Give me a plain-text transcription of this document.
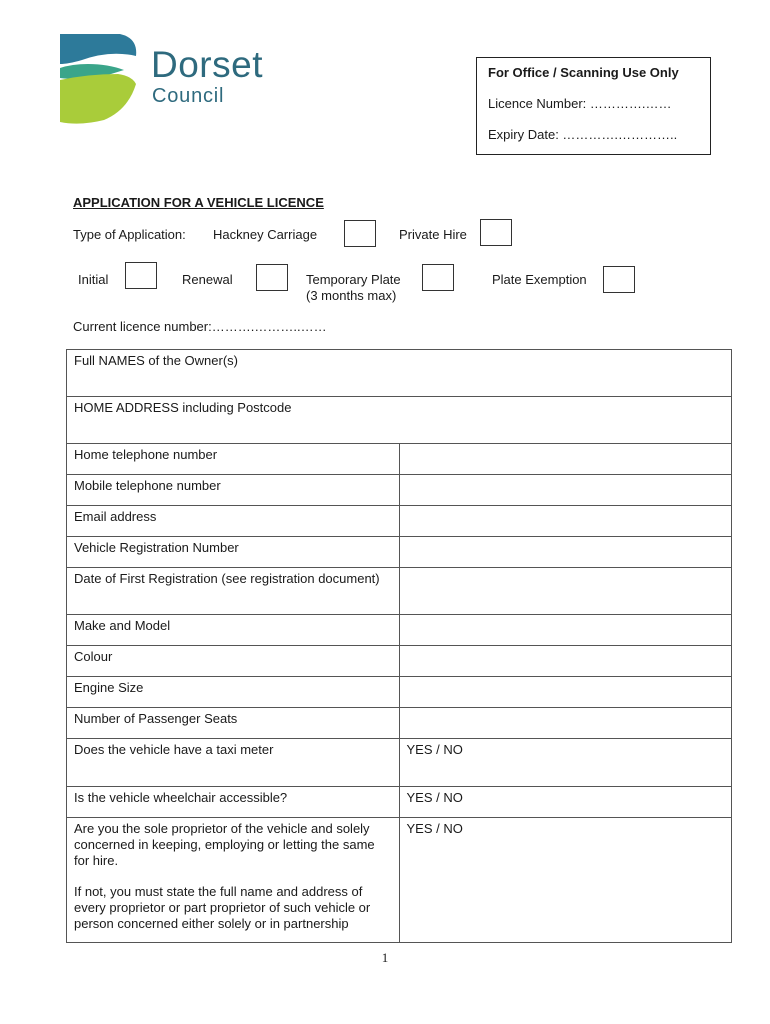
Dorset
Council
For Office / Scanning Use Only
Licence Number: ………….……
Expiry Date: ………….…………..
APPLICATION FOR A VEHICLE LICENCE
Type of Application: Hackney Carriage	Private Hire
Initial	Renewal	Temporary Plate
(3 months max)
Plate Exemption
Current licence number:……….………..……
Full NAMES of the Owner(s)	
HOME ADDRESS including Postcode	
Home telephone number	
Mobile telephone number	
Email address	
Vehicle Registration Number	
Date of First Registration (see registration document)	
Make and Model	
Colour	
Engine Size	
Number of Passenger Seats	
Does the vehicle have a taxi meter	YES / NO
Is the vehicle wheelchair accessible?	YES / NO

Are you the sole proprietor of the vehicle and solely concerned in keeping, employing or letting the same for hire.
If not, you must state the full name and address of every proprietor or part proprietor of such vehicle or person concerned either solely or in partnership	YES / NO
1
